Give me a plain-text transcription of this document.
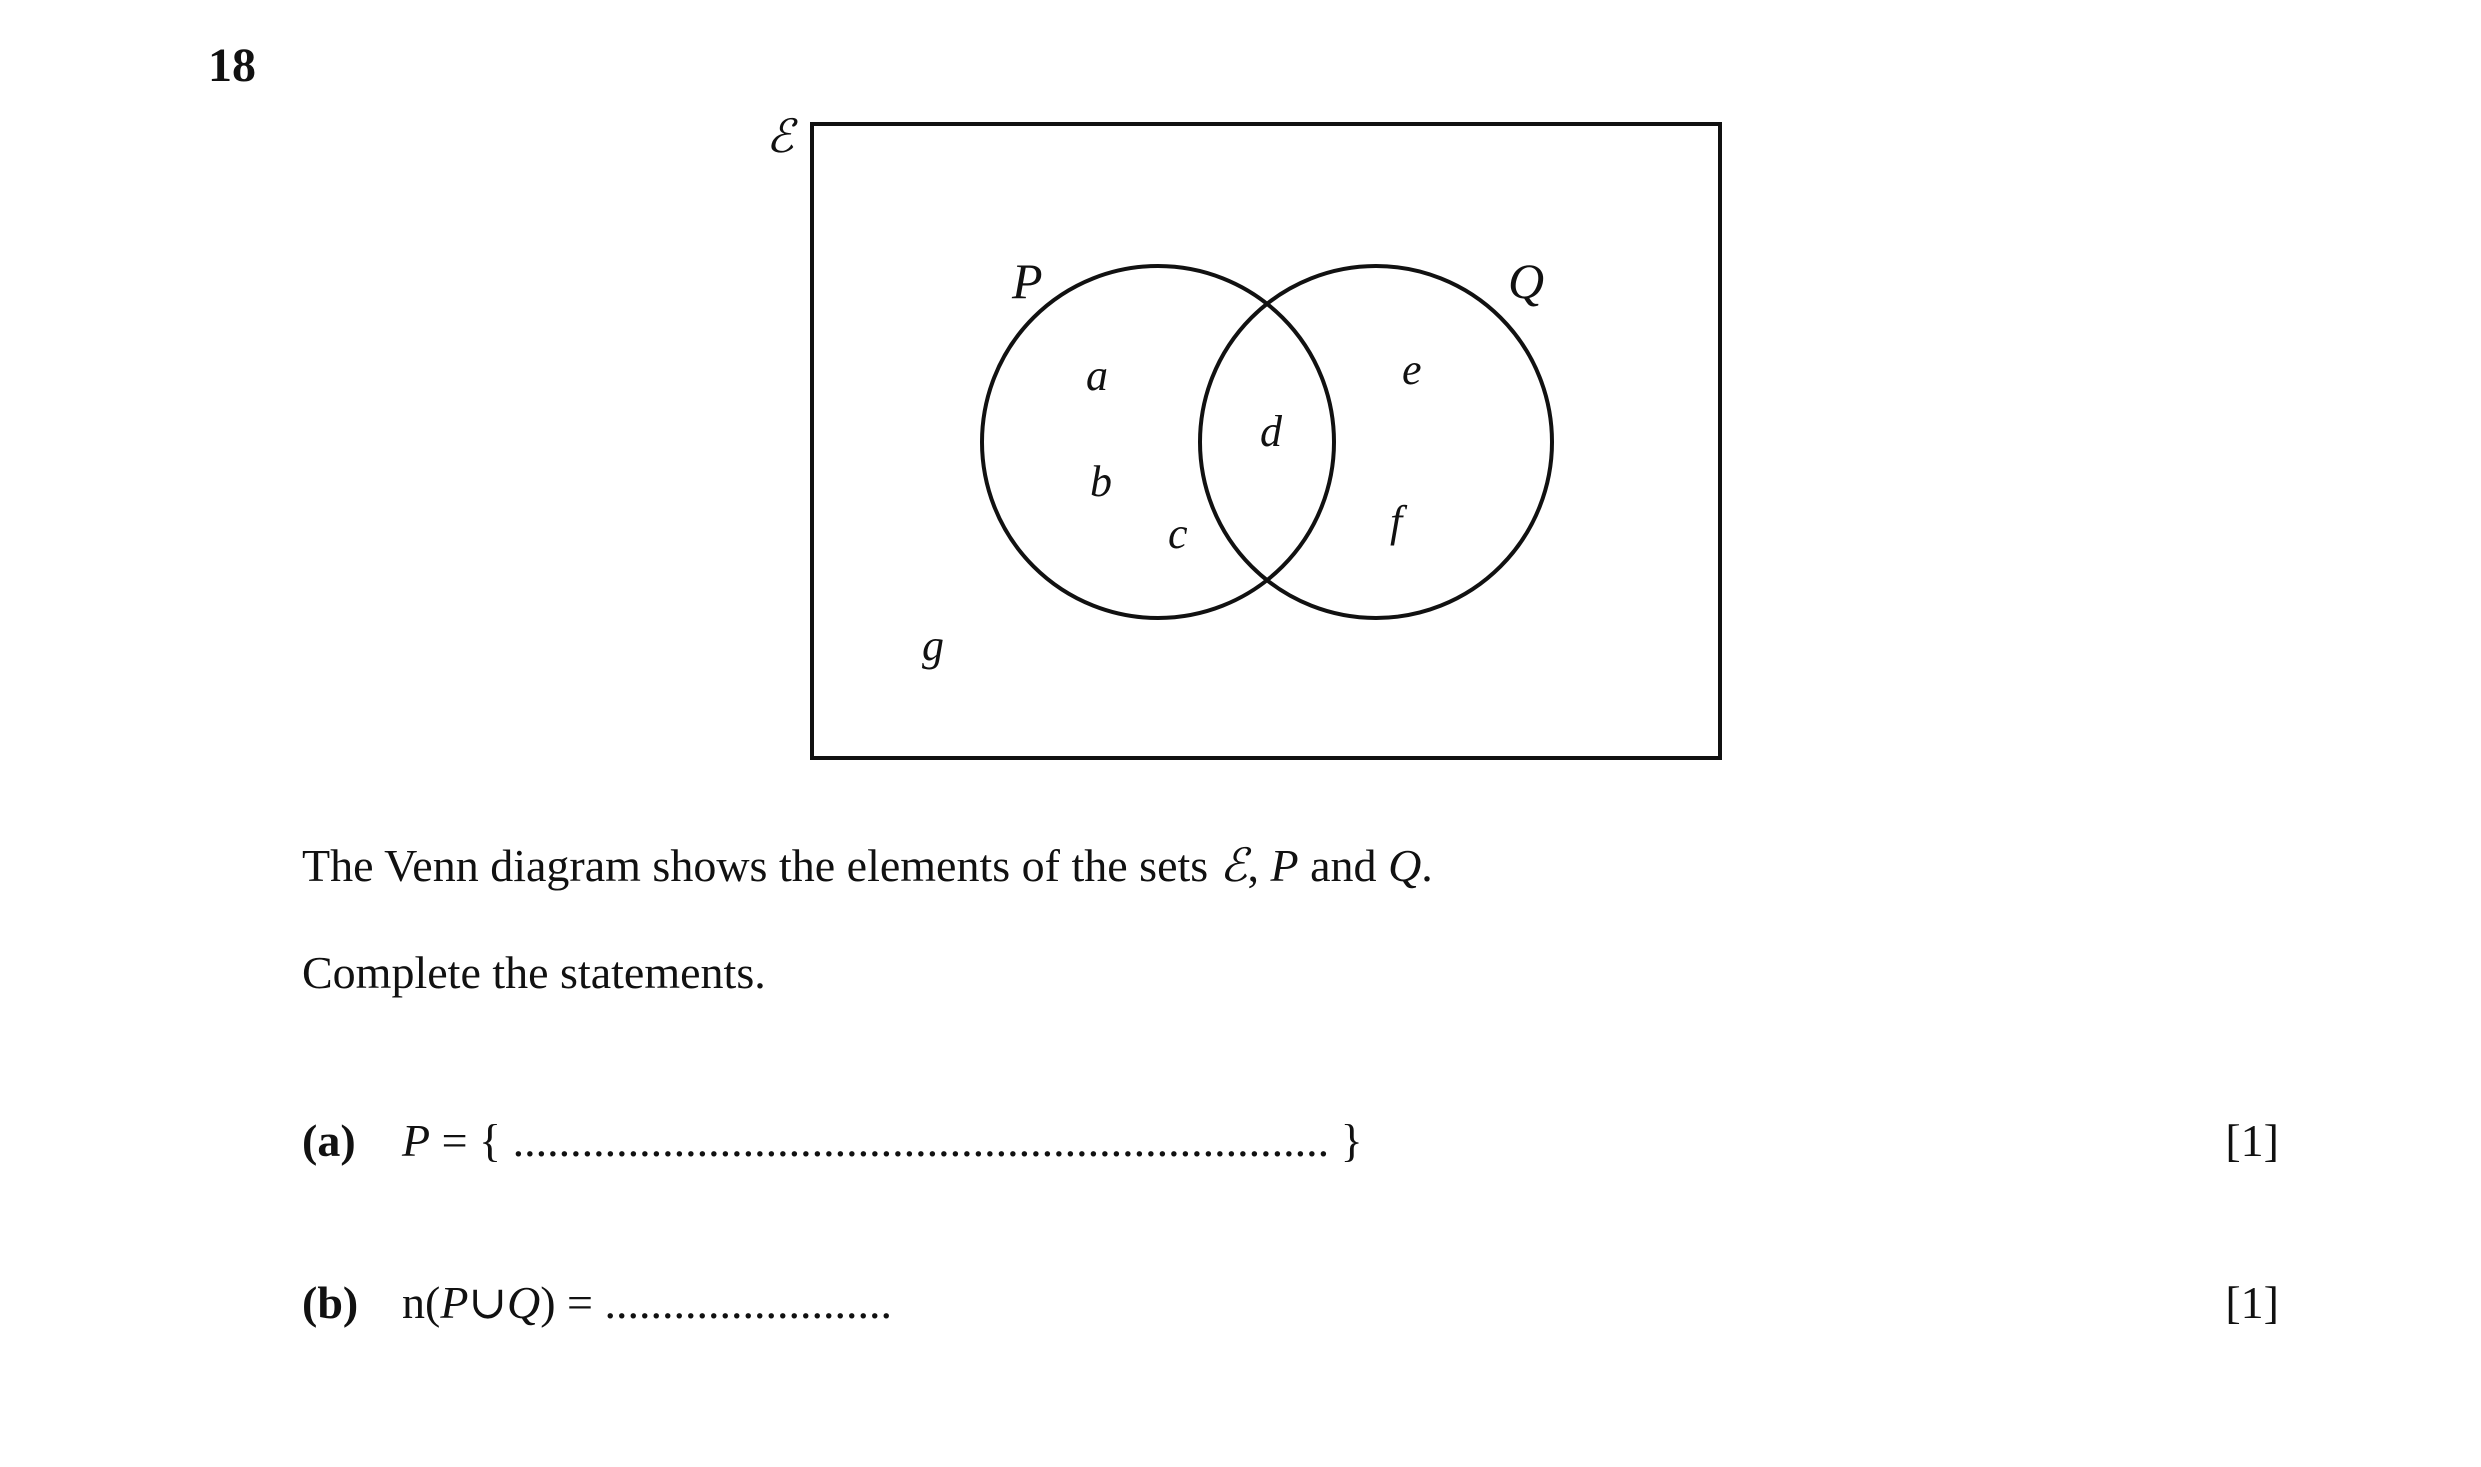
18
ℰ
P	Q
a
b
c
d
e
f
g
The Venn diagram shows the elements of the sets ℰ, P and Q.
Complete the statements.
(a) P = { ....................................................................... }	[1]
(b) n(P∪Q) = .........................	[1]
